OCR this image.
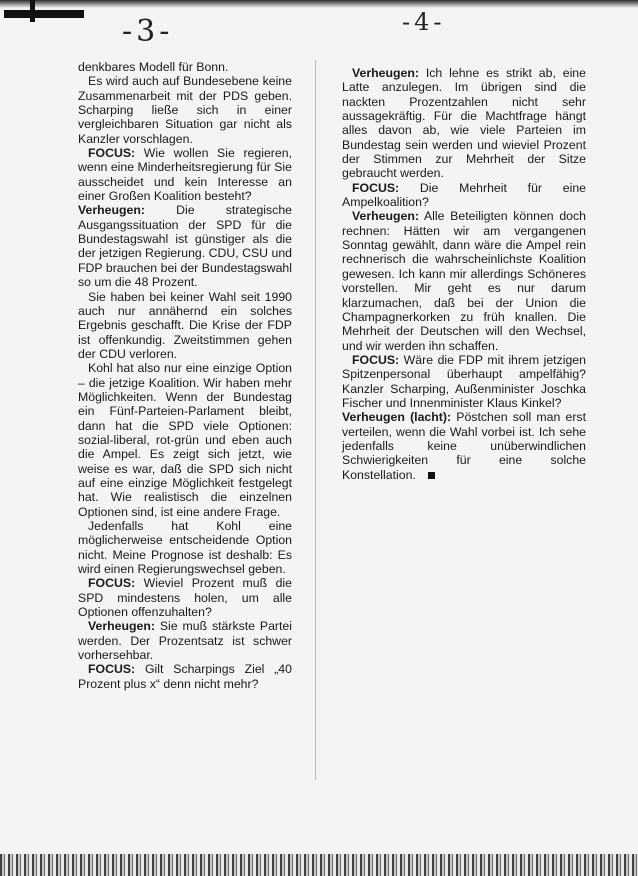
-3-	-4-

denkbares Modell für Bonn.

Es wird auch auf Bundesebene keine Zusammenarbeit mit der PDS geben. Scharping ließe sich in einer vergleichbaren Situation gar nicht als Kanzler vorschlagen.

FOCUS: Wie wollen Sie regieren, wenn eine Minderheitsregierung für Sie ausscheidet und kein Interesse an einer Großen Koalition besteht?

Verheugen:	Die strategische Ausgangssituation der SPD für die Bundestagswahl ist günstiger als die der jetzigen Regierung. CDU, CSU und FDP brauchen bei der Bundestagswahl so um die 48 Prozent.

Sie haben bei keiner Wahl seit 1990 auch nur annähernd ein solches Ergebnis geschafft. Die Krise der FDP ist offenkundig. Zweitstimmen gehen der CDU verloren.

Kohl hat also nur eine einzige Option – die jetzige Koalition. Wir haben mehr Möglichkeiten. Wenn der Bundestag ein Fünf-Parteien-Parlament bleibt, dann hat die SPD viele Optionen: sozial-liberal, rot-grün und eben auch die Ampel. Es zeigt sich jetzt, wie weise es war, daß die SPD sich nicht auf eine einzige Möglichkeit festgelegt hat. Wie realistisch die einzelnen Optionen sind, ist eine andere Frage.

Jedenfalls hat Kohl eine möglicherweise entscheidende Option nicht. Meine Prognose ist deshalb: Es wird einen Regierungswechsel geben.

FOCUS: Wieviel Prozent muß die SPD mindestens holen, um alle Optionen offenzuhalten?

Verheugen: Sie muß stärkste Partei werden. Der Prozentsatz ist schwer vorhersehbar.

FOCUS: Gilt Scharpings Ziel „40 Prozent plus x“ denn nicht mehr?

Verheugen: Ich lehne es strikt ab, eine Latte anzulegen. Im übrigen sind die nackten Prozentzahlen nicht sehr aussagekräftig. Für die Machtfrage hängt alles davon ab, wie viele Parteien im Bundestag sein werden und wieviel Prozent der Stimmen zur Mehrheit der Sitze gebraucht werden.

FOCUS: Die Mehrheit für eine Ampelkoalition?

Verheugen: Alle Beteiligten können doch rechnen: Hätten wir am vergangenen Sonntag gewählt, dann wäre die Ampel rein rechnerisch die wahrscheinlichste Koalition gewesen. Ich kann mir allerdings Schöneres vorstellen. Mir geht es nur darum klarzumachen, daß bei der Union die Champagnerkorken zu früh knallen. Die Mehrheit der Deutschen will den Wechsel, und wir werden ihn schaffen.

FOCUS: Wäre die FDP mit ihrem jetzigen Spitzenpersonal überhaupt ampelfähig? Kanzler Scharping, Außenminister Joschka Fischer und Innenminister Klaus Kinkel?

Verheugen (lacht): Pöstchen soll man erst verteilen, wenn die Wahl vorbei ist. Ich sehe jedenfalls keine unüberwindlichen Schwierigkeiten für eine solche Konstellation.
